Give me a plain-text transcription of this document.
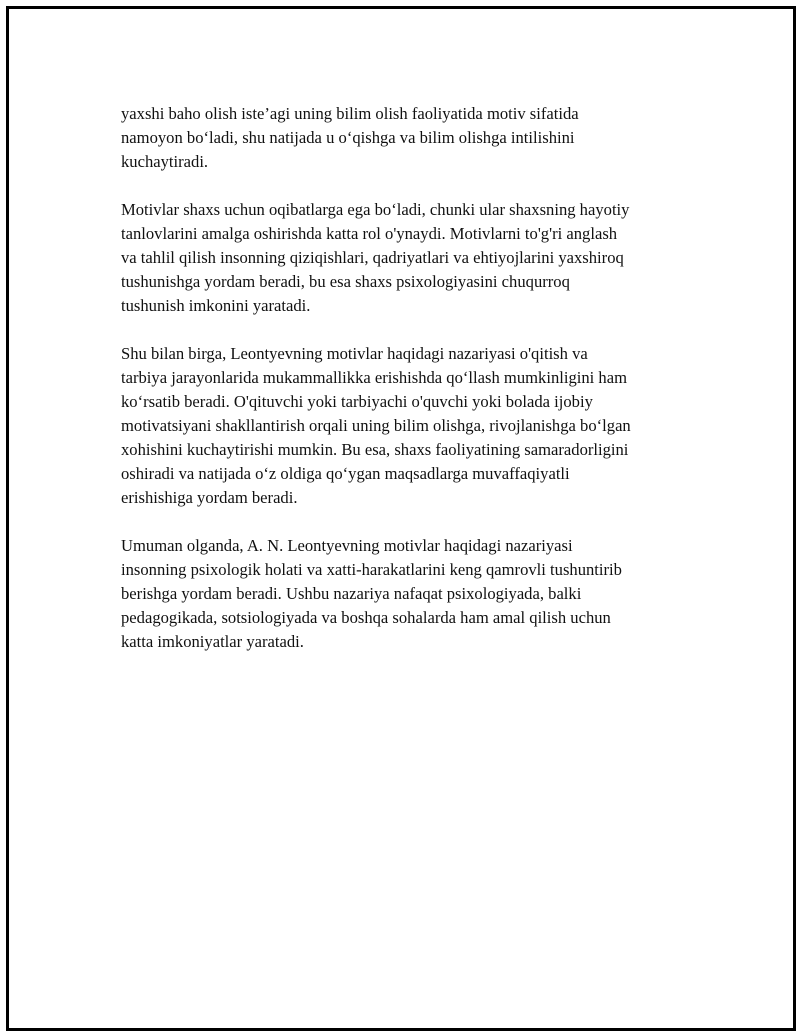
yaxshi baho olish iste’agi uning bilim olish faoliyatida motiv sifatida
namoyon bo‘ladi, shu natijada u o‘qishga va bilim olishga intilishini
kuchaytiradi.

Motivlar shaxs uchun oqibatlarga ega bo‘ladi, chunki ular shaxsning hayotiy
tanlovlarini amalga oshirishda katta rol o'ynaydi. Motivlarni to'g'ri anglash
va tahlil qilish insonning qiziqishlari, qadriyatlari va ehtiyojlarini yaxshiroq
tushunishga yordam beradi, bu esa shaxs psixologiyasini chuqurroq
tushunish imkonini yaratadi.

Shu bilan birga, Leontyevning motivlar haqidagi nazariyasi o'qitish va
tarbiya jarayonlarida mukammallikka erishishda qo‘llash mumkinligini ham
ko‘rsatib beradi. O'qituvchi yoki tarbiyachi o'quvchi yoki bolada ijobiy
motivatsiyani shakllantirish orqali uning bilim olishga, rivojlanishga bo‘lgan
xohishini kuchaytirishi mumkin. Bu esa, shaxs faoliyatining samaradorligini
oshiradi va natijada o‘z oldiga qo‘ygan maqsadlarga muvaffaqiyatli
erishishiga yordam beradi.

Umuman olganda, A. N. Leontyevning motivlar haqidagi nazariyasi
insonning psixologik holati va xatti-harakatlarini keng qamrovli tushuntirib
berishga yordam beradi. Ushbu nazariya nafaqat psixologiyada, balki
pedagogikada, sotsiologiyada va boshqa sohalarda ham amal qilish uchun
katta imkoniyatlar yaratadi.
